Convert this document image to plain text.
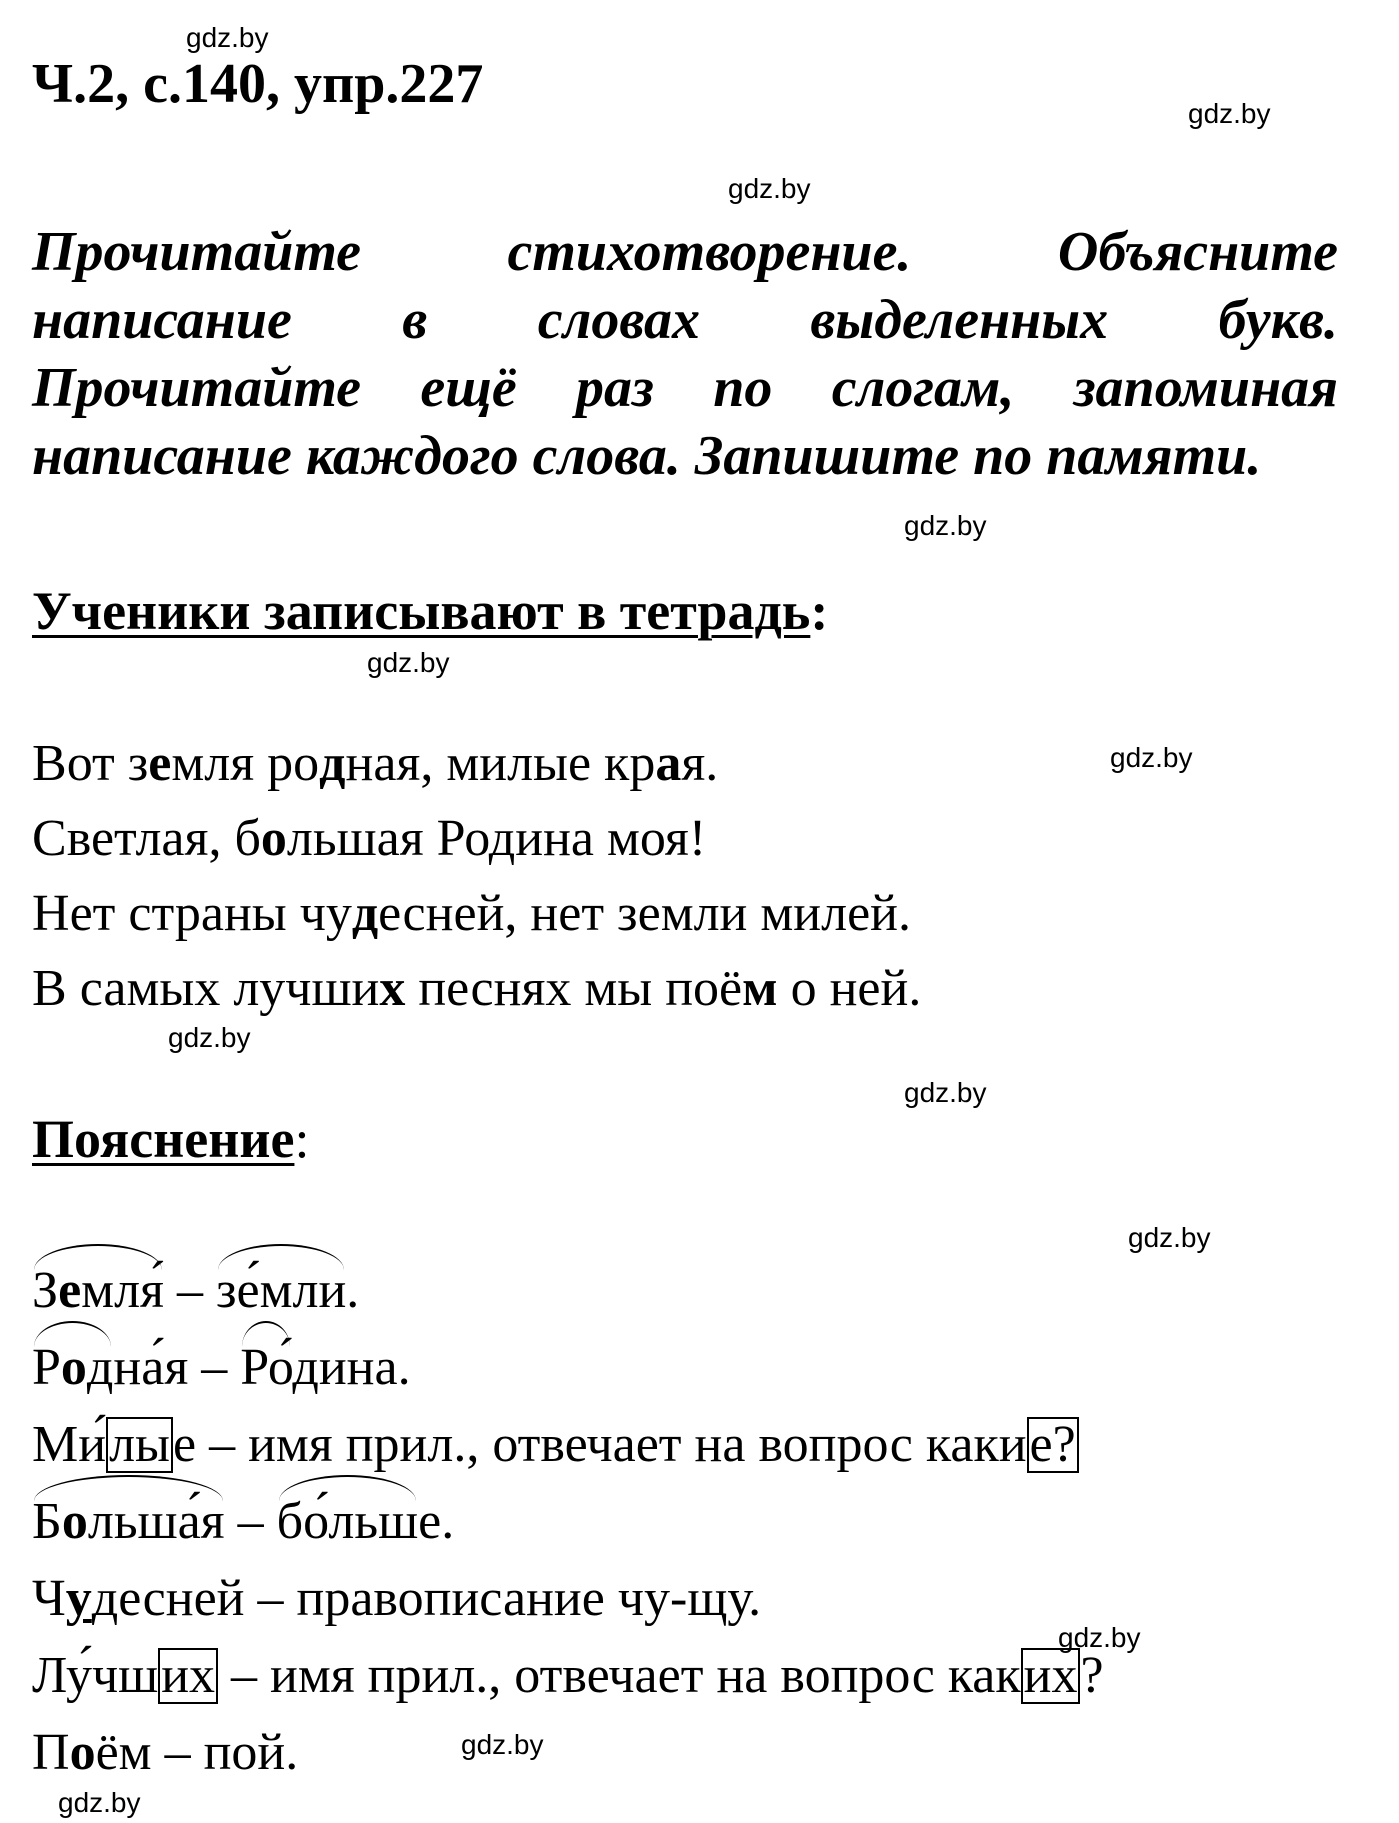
gdz.by
gdz.by
gdz.by
gdz.by
gdz.by
gdz.by
gdz.by
gdz.by
gdz.by
gdz.by
gdz.by
gdz.by
Ч.2, с.140, упр.227
Прочитайте стихотворение. Объясните
написание в словах выделенных букв.
Прочитайте ещё раз по слогам, запоминая
написание каждого слова. Запишите по памяти.
Ученики записывают в тетрадь:
Вот земля родная, милые края.
Светлая, большая Родина моя!
Нет страны чудесней, нет земли милей.
В самых лучших песнях мы поём о ней.
Пояснение:
Земля – земли.
Родная – Родина.
Милые – имя прил., отвечает на вопрос какие?
Большая – больше.
Чудесней – правописание чу-щу.
Лучших – имя прил., отвечает на вопрос каких?
Поём – пой.
